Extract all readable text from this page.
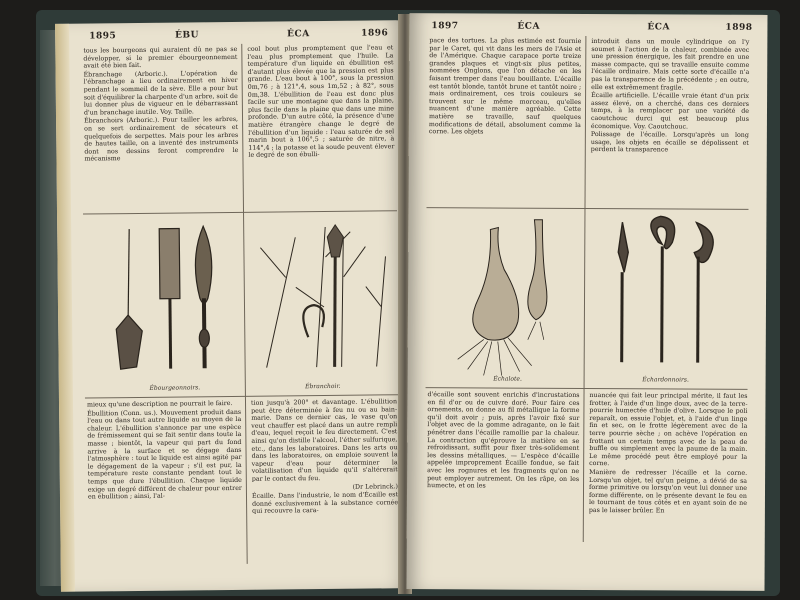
1895	ÉBU	ÉCA	1896

tous les bourgeons qui auraient dû ne pas se développer, si le premier ébourgeonnement avait été bien fait.

Ébranchage (Arboric.). L'opération de l'ébranchage a lieu ordinairement en hiver pendant le sommeil de la sève. Elle a pour but soit d'équilibrer la charpente d'un arbre, soit de lui donner plus de vigueur en le débarrassant d'un branchage inutile. Voy. Taille.

Ébranchoirs (Arboric.). Pour tailler les arbres, on se sert ordinairement de sécateurs et quelquefois de serpettes. Mais pour les arbres de hautes taille, on a inventé des instruments dont nos dessins feront comprendre le mécanisme

cool bout plus promptement que l'eau et l'eau plus promptement que l'huile. La température d'un liquide en ébullition est d'autant plus élevée que la pression est plus grande. L'eau bout à 100°, sous la pression 0m,76 ; à 121°,4, sous 1m,52 ; à 82°, sous 0m,38. L'ébullition de l'eau est donc plus facile sur une montagne que dans la plaine, plus facile dans la plaine que dans une mine profonde. D'un autre côté, la présence d'une matière étrangère change le degré de l'ébullition d'un liquide : l'eau saturée de sel marin bout à 106°,5 ; saturée de nitre, à 114°,4 ; la potasse et la soude peuvent élever le degré de son ébulli-

Ébourgeonnoirs.	Ébranchoir.

mieux qu'une description ne pourrait le faire.

Ébullition (Conn. us.). Mouvement produit dans l'eau ou dans tout autre liquide au moyen de la chaleur. L'ébullition s'annonce par une espèce de frémissement qui se fait sentir dans toute la masse ; bientôt, la vapeur qui part du fond arrive à la surface et se dégage dans l'atmosphère : tout le liquide est ainsi agité par le dégagement de la vapeur ; s'il est pur, la température reste constante pendant tout le temps que dure l'ébullition. Chaque liquide exige un degré différent de chaleur pour entrer en ébullition ; ainsi, l'al-

tion jusqu'à 200° et davantage. L'ébullition peut être déterminée à feu nu ou au bain-marie. Dans ce dernier cas, le vase qu'on veut chauffer est placé dans un autre rempli d'eau, lequel reçoit le feu directement. C'est ainsi qu'on distille l'alcool, l'éther sulfurique, etc., dans les laboratoires. Dans les arts ou dans les laboratoires, on emploie souvent la vapeur d'eau pour déterminer la volatilisation d'un liquide qu'il s'altérerait par le contact du feu.

(Dr Lebrinck.)

Écaille. Dans l'industrie, le nom d'Écaille est donné exclusivement à la substance cornée qui recouvre la cara-

1897	ÉCA	ÉCA	1898

pace des tortues. La plus estimée est fournie par le Caret, qui vit dans les mers de l'Asie et de l'Amérique. Chaque carapace porte treize grandes plaques et vingt-six plus petites, nommées Onglons, que l'on détache en les faisant tremper dans l'eau bouillante. L'écaille est tantôt blonde, tantôt brune et tantôt noire ; mais ordinairement, ces trois couleurs se trouvent sur le même morceau, qu'elles nuancent d'une manière agréable. Cette matière se travaille, sauf quelques modifications de détail, absolument comme la corne. Les objets

introduit dans un moule cylindrique on l'y soumet à l'action de la chaleur, combinée avec une pression énergique, les fait prendre en une masse compacte, qui se travaille ensuite comme l'écaille ordinaire. Mais cette sorte d'écaille n'a pas la transparence de la précédente ; en outre, elle est extrêmement fragile.

Écaille artificielle. L'écaille vraie étant d'un prix assez élevé, on a cherché, dans ces derniers temps, à la remplacer par une variété de caoutchouc durci qui est beaucoup plus économique. Voy. Caoutchouc.

Polissage de l'écaille. Lorsqu'après un long usage, les objets en écaille se dépolissent et perdent la transparence

Échalote.	Échardonnoirs.

d'écaille sont souvent enrichis d'incrustations en fil d'or ou de cuivre doré. Pour faire ces ornements, on donne au fil métallique la forme qu'il doit avoir ; puis, après l'avoir fixé sur l'objet avec de la gomme adragante, on le fait pénétrer dans l'écaille ramollie par la chaleur. La contraction qu'éprouve la matière en se refroidissant, suffit pour fixer très-solidement les dessins métalliques. — L'espèce d'écaille appelée improprement Écaille fondue, se fait avec les rognures et les fragments qu'on ne peut employer autrement. On les râpe, on les humecte, et on les

nuancée qui fait leur principal mérite, il faut les frotter, à l'aide d'un linge doux, avec de la terre-pourrie humectée d'huile d'olive. Lorsque le poli reparaît, on essuie l'objet, et, à l'aide d'un linge fin et sec, on le frotte légèrement avec de la terre pourrie sèche ; on achève l'opération en frottant un certain temps avec de la peau de buffle ou simplement avec la paume de la main. Le même procédé peut être employé pour la corne.

Manière de redresser l'écaille et la corne. Lorsqu'un objet, tel qu'un peigne, a dévié de sa forme primitive ou lorsqu'on veut lui donner une forme différente, on le présente devant le feu en le tournant de tous côtés et en ayant soin de ne pas le laisser brûler. En
